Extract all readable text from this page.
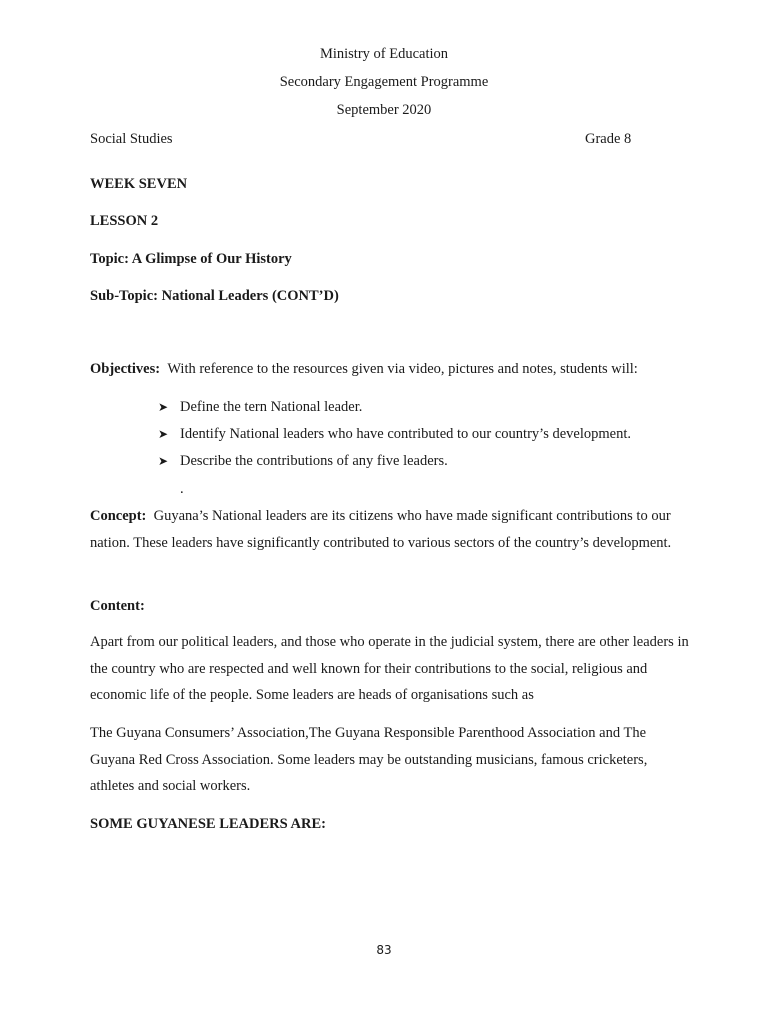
Ministry of Education
Secondary Engagement Programme
September 2020
Social Studies	Grade 8
WEEK SEVEN
LESSON 2
Topic: A Glimpse of Our History
Sub-Topic: National Leaders (CONT’D)
Objectives: With reference to the resources given via video, pictures and notes, students will:
➤ Define the tern National leader.
➤ Identify National leaders who have contributed to our country’s development.
➤ Describe the contributions of any five leaders.
.

Concept: Guyana’s National leaders are its citizens who have made significant contributions to our nation. These leaders have significantly contributed to various sectors of the country’s development.

Content:

Apart from our political leaders, and those who operate in the judicial system, there are other leaders in the country who are respected and well known for their contributions to the social, religious and economic life of the people. Some leaders are heads of organisations such as

The Guyana Consumers’ Association,The Guyana Responsible Parenthood Association and The Guyana Red Cross Association. Some leaders may be outstanding musicians, famous cricketers, athletes and social workers.

SOME GUYANESE LEADERS ARE:
83
